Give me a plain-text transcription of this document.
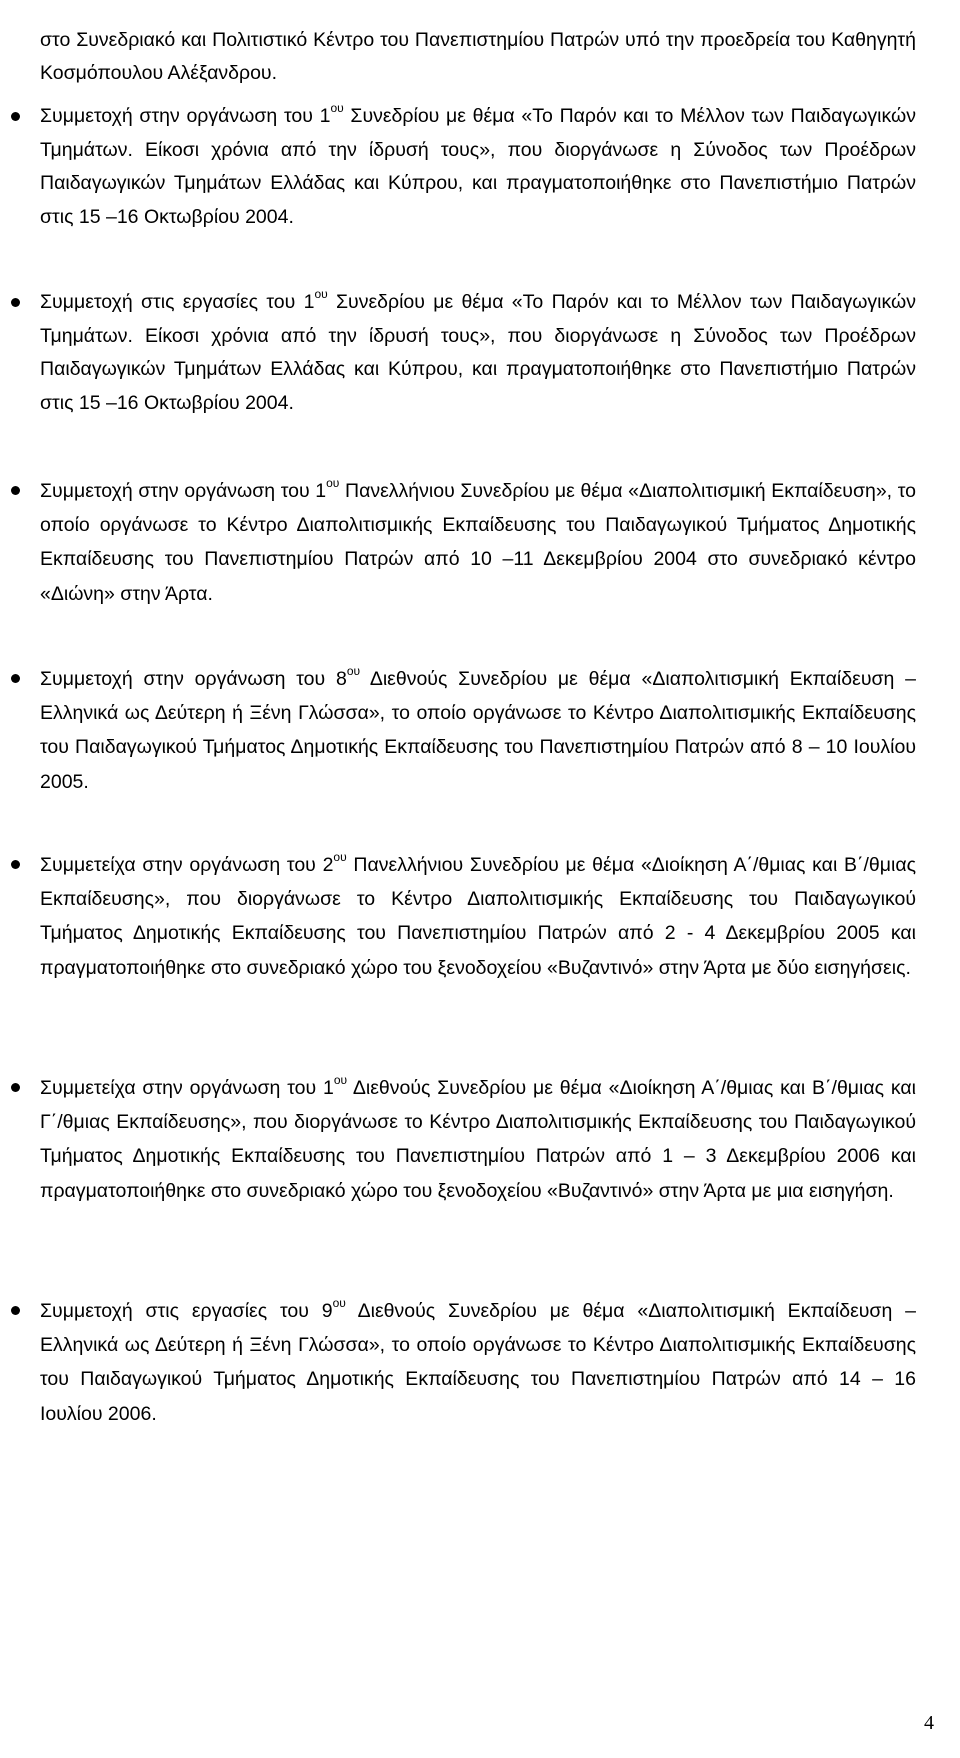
στο Συνεδριακό και Πολιτιστικό Κέντρο του Πανεπιστημίου Πατρών υπό την προεδρεία του Καθηγητή Κοσμόπουλου Αλέξανδρου.

Συμμετοχή στην οργάνωση του $1^{o\upsilon}$ Συνεδρίου με θέμα «Το Παρόν και το Μέλλον των Παιδαγωγικών Τμημάτων. Είκοσι χρόνια από την ίδρυσή τους», που διοργάνωσε η Σύνοδος των Προέδρων Παιδαγωγικών Τμημάτων Ελλάδας και Κύπρου, και πραγματοποιήθηκε στο Πανεπιστήμιο Πατρών στις 15 –16 Οκτωβρίου 2004.

Συμμετοχή στις εργασίες του $1^{o\upsilon}$ Συνεδρίου με θέμα «Το Παρόν και το Μέλλον των Παιδαγωγικών Τμημάτων. Είκοσι χρόνια από την ίδρυσή τους», που διοργάνωσε η Σύνοδος των Προέδρων Παιδαγωγικών Τμημάτων Ελλάδας και Κύπρου, και πραγματοποιήθηκε στο Πανεπιστήμιο Πατρών στις 15 –16 Οκτωβρίου 2004.

Συμμετοχή στην οργάνωση του $1^{o\upsilon}$ Πανελλήνιου Συνεδρίου με θέμα «Διαπολιτισμική Εκπαίδευση», το οποίο οργάνωσε το Κέντρο Διαπολιτισμικής Εκπαίδευσης του Παιδαγωγικού Τμήματος Δημοτικής Εκπαίδευσης του Πανεπιστημίου Πατρών από 10 –11 Δεκεμβρίου 2004 στο συνεδριακό κέντρο «Διώνη» στην Άρτα.

Συμμετοχή στην οργάνωση του $8^{o\upsilon}$ Διεθνούς Συνεδρίου με θέμα «Διαπολιτισμική Εκπαίδευση – Ελληνικά ως Δεύτερη ή Ξένη Γλώσσα», το οποίο οργάνωσε το Κέντρο Διαπολιτισμικής Εκπαίδευσης του Παιδαγωγικού Τμήματος Δημοτικής Εκπαίδευσης του Πανεπιστημίου Πατρών από 8 – 10 Ιουλίου 2005.

Συμμετείχα στην οργάνωση του $2^{o\upsilon}$ Πανελλήνιου Συνεδρίου με θέμα «Διοίκηση Α΄/θμιας και Β΄/θμιας Εκπαίδευσης», που διοργάνωσε το Κέντρο Διαπολιτισμικής Εκπαίδευσης του Παιδαγωγικού Τμήματος Δημοτικής Εκπαίδευσης του Πανεπιστημίου Πατρών από 2 - 4 Δεκεμβρίου 2005 και πραγματοποιήθηκε στο συνεδριακό χώρο του ξενοδοχείου «Βυζαντινό» στην Άρτα με δύο εισηγήσεις.

Συμμετείχα στην οργάνωση του $1^{o\upsilon}$ Διεθνούς Συνεδρίου με θέμα «Διοίκηση Α΄/θμιας και Β΄/θμιας και Γ΄/θμιας Εκπαίδευσης», που διοργάνωσε το Κέντρο Διαπολιτισμικής Εκπαίδευσης του Παιδαγωγικού Τμήματος Δημοτικής Εκπαίδευσης του Πανεπιστημίου Πατρών από 1 – 3 Δεκεμβρίου 2006 και πραγματοποιήθηκε στο συνεδριακό χώρο του ξενοδοχείου «Βυζαντινό» στην Άρτα με μια εισηγήση.

Συμμετοχή στις εργασίες του $9^{o\upsilon}$ Διεθνούς Συνεδρίου με θέμα «Διαπολιτισμική Εκπαίδευση – Ελληνικά ως Δεύτερη ή Ξένη Γλώσσα», το οποίο οργάνωσε το Κέντρο Διαπολιτισμικής Εκπαίδευσης του Παιδαγωγικού Τμήματος Δημοτικής Εκπαίδευσης του Πανεπιστημίου Πατρών από 14 – 16 Ιουλίου 2006.

4
